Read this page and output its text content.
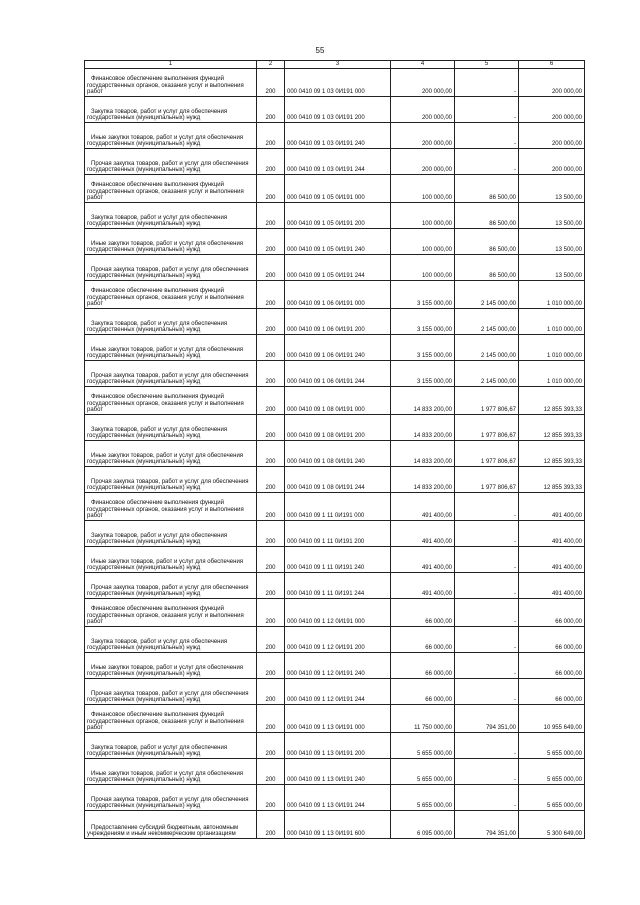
55
1	2	3	4	5	6

Финансовое обеспечение выполнения функций государственных органов, оказания услуг и выполнения работ	200	000 0410 09 1 03 0И191 000	200 000,00	-	200 000,00

Закупка товаров, работ и услуг для обеспечения государственных (муниципальных) нужд	200	000 0410 09 1 03 0И191 200	200 000,00	-	200 000,00

Иные закупки товаров, работ и услуг для обеспечения государственных (муниципальных) нужд	200	000 0410 09 1 03 0И191 240	200 000,00	-	200 000,00

Прочая закупка товаров, работ и услуг для обеспечения государственных (муниципальных) нужд	200	000 0410 09 1 03 0И191 244	200 000,00	-	200 000,00

Финансовое обеспечение выполнения функций государственных органов, оказания услуг и выполнения работ	200	000 0410 09 1 05 0И191 000	100 000,00	86 500,00	13 500,00

Закупка товаров, работ и услуг для обеспечения государственных (муниципальных) нужд	200	000 0410 09 1 05 0И191 200	100 000,00	86 500,00	13 500,00

Иные закупки товаров, работ и услуг для обеспечения государственных (муниципальных) нужд	200	000 0410 09 1 05 0И191 240	100 000,00	86 500,00	13 500,00

Прочая закупка товаров, работ и услуг для обеспечения государственных (муниципальных) нужд	200	000 0410 09 1 05 0И191 244	100 000,00	86 500,00	13 500,00

Финансовое обеспечение выполнения функций государственных органов, оказания услуг и выполнения работ	200	000 0410 09 1 06 0И191 000	3 155 000,00	2 145 000,00	1 010 000,00

Закупка товаров, работ и услуг для обеспечения государственных (муниципальных) нужд	200	000 0410 09 1 06 0И191 200	3 155 000,00	2 145 000,00	1 010 000,00

Иные закупки товаров, работ и услуг для обеспечения государственных (муниципальных) нужд	200	000 0410 09 1 06 0И191 240	3 155 000,00	2 145 000,00	1 010 000,00

Прочая закупка товаров, работ и услуг для обеспечения государственных (муниципальных) нужд	200	000 0410 09 1 06 0И191 244	3 155 000,00	2 145 000,00	1 010 000,00

Финансовое обеспечение выполнения функций государственных органов, оказания услуг и выполнения работ	200	000 0410 09 1 08 0И191 000	14 833 200,00	1 977 806,67	12 855 393,33

Закупка товаров, работ и услуг для обеспечения государственных (муниципальных) нужд	200	000 0410 09 1 08 0И191 200	14 833 200,00	1 977 806,67	12 855 393,33

Иные закупки товаров, работ и услуг для обеспечения государственных (муниципальных) нужд	200	000 0410 09 1 08 0И191 240	14 833 200,00	1 977 806,67	12 855 393,33

Прочая закупка товаров, работ и услуг для обеспечения государственных (муниципальных) нужд	200	000 0410 09 1 08 0И191 244	14 833 200,00	1 977 806,67	12 855 393,33

Финансовое обеспечение выполнения функций государственных органов, оказания услуг и выполнения работ	200	000 0410 09 1 11 0И191 000	491 400,00	-	491 400,00

Закупка товаров, работ и услуг для обеспечения государственных (муниципальных) нужд	200	000 0410 09 1 11 0И191 200	491 400,00	-	491 400,00

Иные закупки товаров, работ и услуг для обеспечения государственных (муниципальных) нужд	200	000 0410 09 1 11 0И191 240	491 400,00	-	491 400,00

Прочая закупка товаров, работ и услуг для обеспечения государственных (муниципальных) нужд	200	000 0410 09 1 11 0И191 244	491 400,00	-	491 400,00

Финансовое обеспечение выполнения функций государственных органов, оказания услуг и выполнения работ	200	000 0410 09 1 12 0И191 000	66 000,00	-	66 000,00

Закупка товаров, работ и услуг для обеспечения государственных (муниципальных) нужд	200	000 0410 09 1 12 0И191 200	66 000,00	-	66 000,00

Иные закупки товаров, работ и услуг для обеспечения государственных (муниципальных) нужд	200	000 0410 09 1 12 0И191 240	66 000,00	-	66 000,00

Прочая закупка товаров, работ и услуг для обеспечения государственных (муниципальных) нужд	200	000 0410 09 1 12 0И191 244	66 000,00	-	66 000,00

Финансовое обеспечение выполнения функций государственных органов, оказания услуг и выполнения работ	200	000 0410 09 1 13 0И191 000	11 750 000,00	794 351,00	10 955 649,00

Закупка товаров, работ и услуг для обеспечения государственных (муниципальных) нужд	200	000 0410 09 1 13 0И191 200	5 655 000,00	-	5 655 000,00

Иные закупки товаров, работ и услуг для обеспечения государственных (муниципальных) нужд	200	000 0410 09 1 13 0И191 240	5 655 000,00	-	5 655 000,00

Прочая закупка товаров, работ и услуг для обеспечения государственных (муниципальных) нужд	200	000 0410 09 1 13 0И191 244	5 655 000,00	-	5 655 000,00

Предоставление субсидий бюджетным, автономным учреждениям и иным некоммерческим организациям	200	000 0410 09 1 13 0И191 600	6 095 000,00	794 351,00	5 300 649,00
